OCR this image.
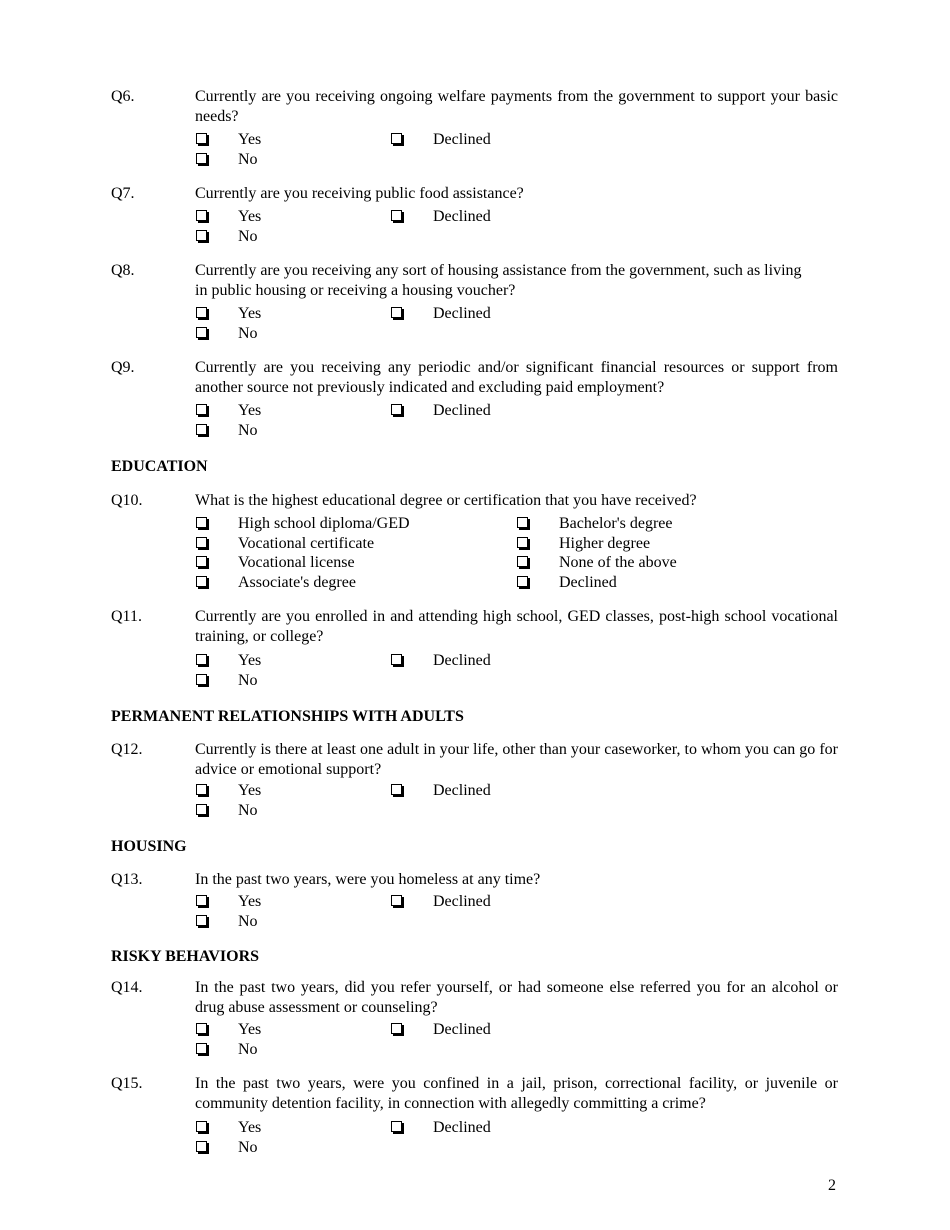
Q6.	Currently are you receiving ongoing welfare payments from the government to support your basic needs?
Yes
No
Declined
Q7.	Currently are you receiving public food assistance?
Yes
No
Declined
Q8.	Currently are you receiving any sort of housing assistance from the government, such as living in public housing or receiving a housing voucher?
Yes
No
Declined
Q9.	Currently are you receiving any periodic and/or significant financial resources or support from another source not previously indicated and excluding paid employment?
Yes
No
Declined
EDUCATION
Q10.	What is the highest educational degree or certification that you have received?
High school diploma/GED
Vocational certificate
Vocational license
Associate's degree
Bachelor's degree
Higher degree
None of the above
Declined
Q11.	Currently are you enrolled in and attending high school, GED classes, post-high school vocational training, or college?
Yes
No
Declined
PERMANENT RELATIONSHIPS WITH ADULTS
Q12.	Currently is there at least one adult in your life, other than your caseworker, to whom you can go for advice or emotional support?
Yes
No
Declined
HOUSING
Q13.	In the past two years, were you homeless at any time?
Yes
No
Declined
RISKY BEHAVIORS
Q14.	In the past two years, did you refer yourself, or had someone else referred you for an alcohol or drug abuse assessment or counseling?
Yes
No
Declined
Q15.	In the past two years, were you confined in a jail, prison, correctional facility, or juvenile or community detention facility, in connection with allegedly committing a crime?
Yes
No
Declined
2
